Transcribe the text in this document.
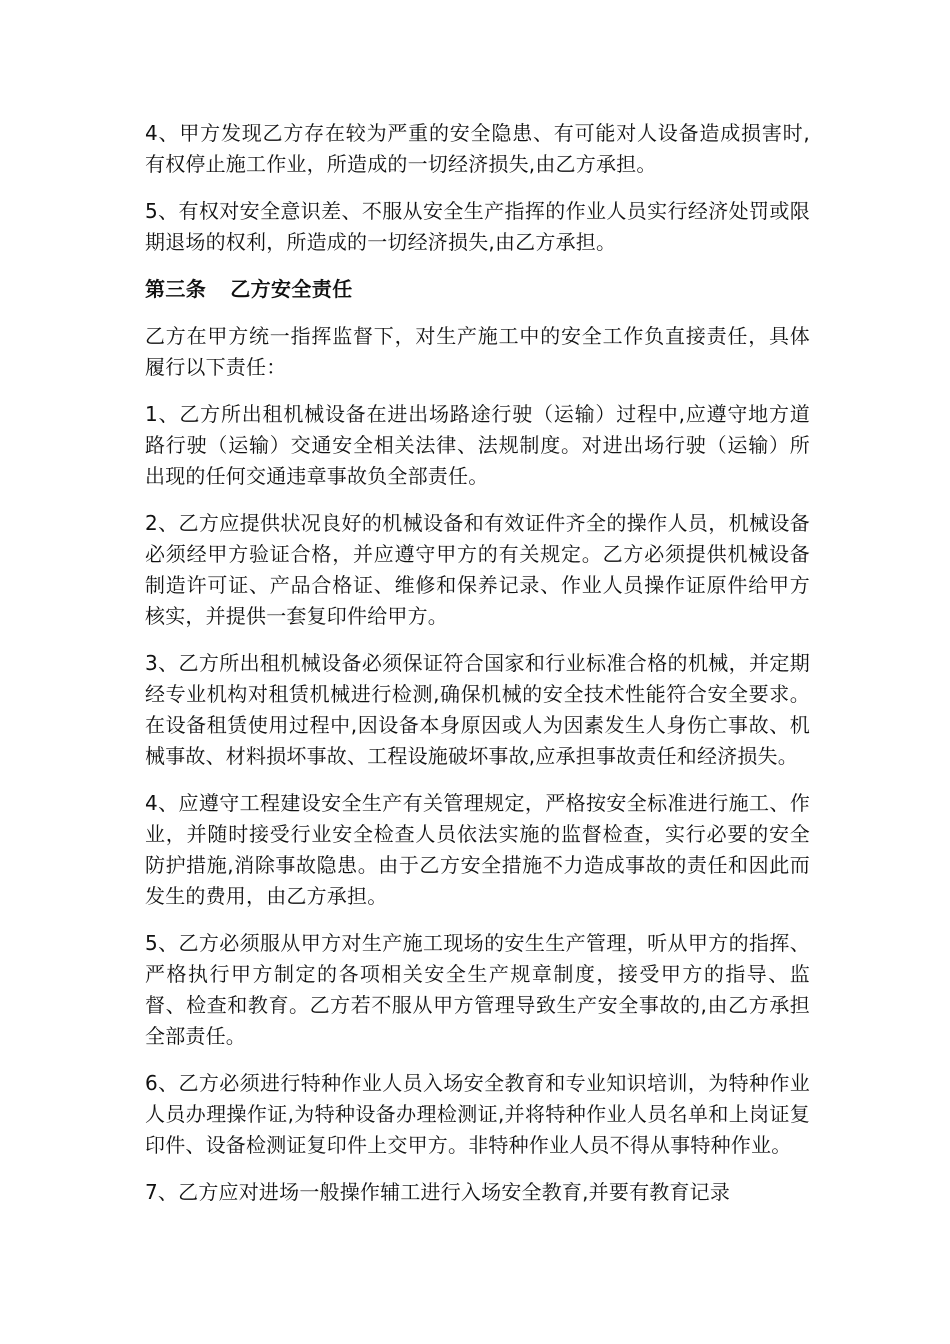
4、甲方发现乙方存在较为严重的安全隐患、有可能对人设备造成损害时,有权停止施工作业，所造成的一切经济损失,由乙方承担。

5、有权对安全意识差、不服从安全生产指挥的作业人员实行经济处罚或限期退场的权利，所造成的一切经济损失,由乙方承担。

第三条 乙方安全责任

乙方在甲方统一指挥监督下，对生产施工中的安全工作负直接责任，具体履行以下责任：

1、乙方所出租机械设备在进出场路途行驶（运输）过程中,应遵守地方道路行驶（运输）交通安全相关法律、法规制度。对进出场行驶（运输）所出现的任何交通违章事故负全部责任。

2、乙方应提供状况良好的机械设备和有效证件齐全的操作人员，机械设备必须经甲方验证合格，并应遵守甲方的有关规定。乙方必须提供机械设备制造许可证、产品合格证、维修和保养记录、作业人员操作证原件给甲方核实，并提供一套复印件给甲方。

3、乙方所出租机械设备必须保证符合国家和行业标准合格的机械，并定期经专业机构对租赁机械进行检测,确保机械的安全技术性能符合安全要求。在设备租赁使用过程中,因设备本身原因或人为因素发生人身伤亡事故、机械事故、材料损坏事故、工程设施破坏事故,应承担事故责任和经济损失。

4、应遵守工程建设安全生产有关管理规定，严格按安全标准进行施工、作业，并随时接受行业安全检查人员依法实施的监督检查，实行必要的安全防护措施,消除事故隐患。由于乙方安全措施不力造成事故的责任和因此而发生的费用，由乙方承担。

5、乙方必须服从甲方对生产施工现场的安生生产管理，听从甲方的指挥、严格执行甲方制定的各项相关安全生产规章制度，接受甲方的指导、监督、检查和教育。乙方若不服从甲方管理导致生产安全事故的,由乙方承担全部责任。

6、乙方必须进行特种作业人员入场安全教育和专业知识培训，为特种作业人员办理操作证,为特种设备办理检测证,并将特种作业人员名单和上岗证复印件、设备检测证复印件上交甲方。非特种作业人员不得从事特种作业。

7、乙方应对进场一般操作辅工进行入场安全教育,并要有教育记录
